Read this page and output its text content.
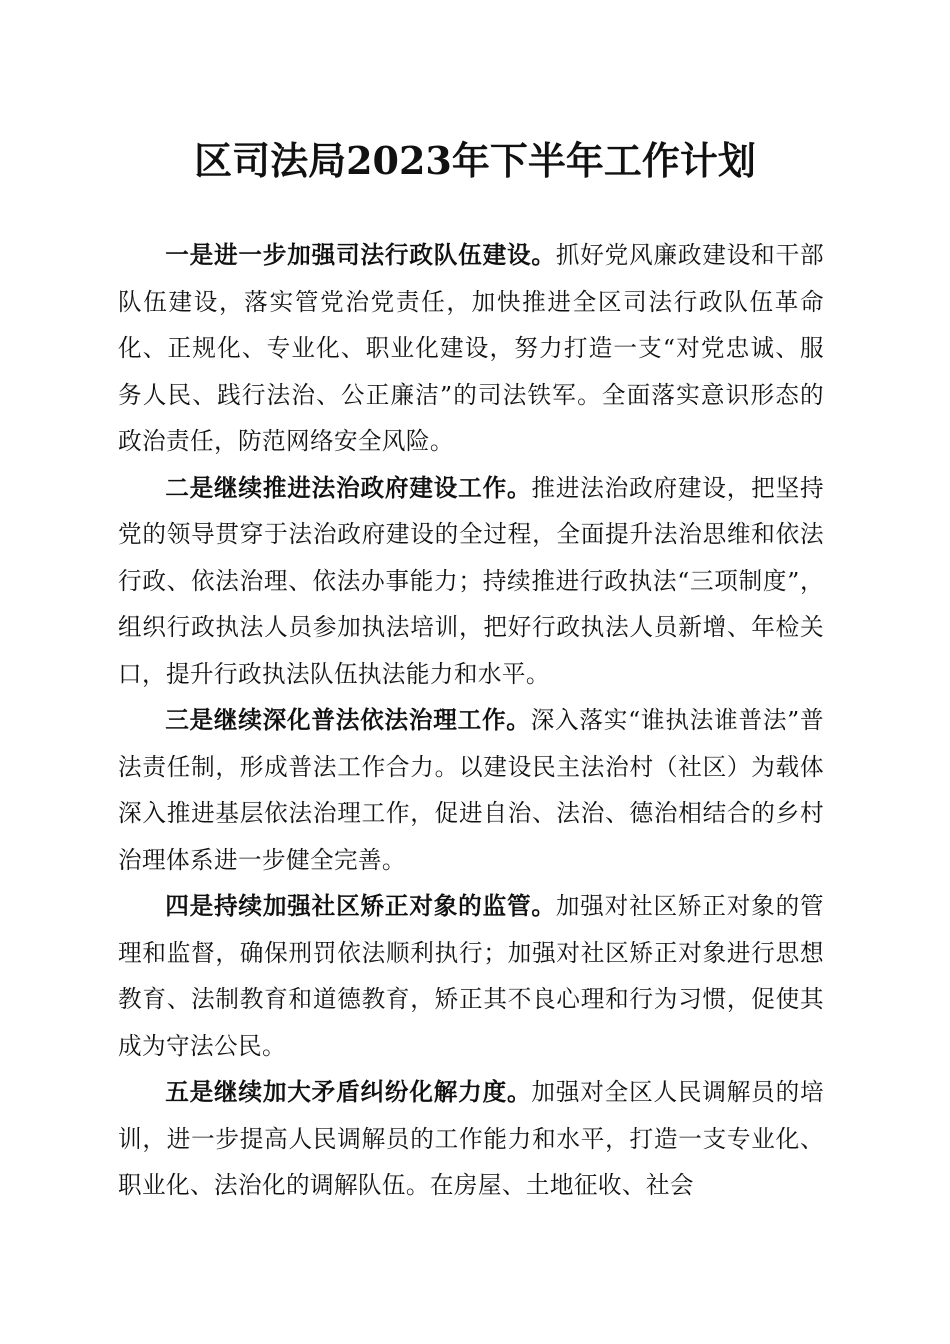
区司法局2023年下半年工作计划

一是进一步加强司法行政队伍建设。抓好党风廉政建设和干部队伍建设，落实管党治党责任，加快推进全区司法行政队伍革命化、正规化、专业化、职业化建设，努力打造一支“对党忠诚、服务人民、践行法治、公正廉洁”的司法铁军。全面落实意识形态的政治责任，防范网络安全风险。

二是继续推进法治政府建设工作。推进法治政府建设，把坚持党的领导贯穿于法治政府建设的全过程，全面提升法治思维和依法行政、依法治理、依法办事能力；持续推进行政执法“三项制度”，组织行政执法人员参加执法培训，把好行政执法人员新增、年检关口，提升行政执法队伍执法能力和水平。

三是继续深化普法依法治理工作。深入落实“谁执法谁普法”普法责任制，形成普法工作合力。以建设民主法治村（社区）为载体深入推进基层依法治理工作，促进自治、法治、德治相结合的乡村治理体系进一步健全完善。

四是持续加强社区矫正对象的监管。加强对社区矫正对象的管理和监督，确保刑罚依法顺利执行；加强对社区矫正对象进行思想教育、法制教育和道德教育，矫正其不良心理和行为习惯，促使其成为守法公民。

五是继续加大矛盾纠纷化解力度。加强对全区人民调解员的培训，进一步提高人民调解员的工作能力和水平，打造一支专业化、职业化、法治化的调解队伍。在房屋、土地征收、社会
